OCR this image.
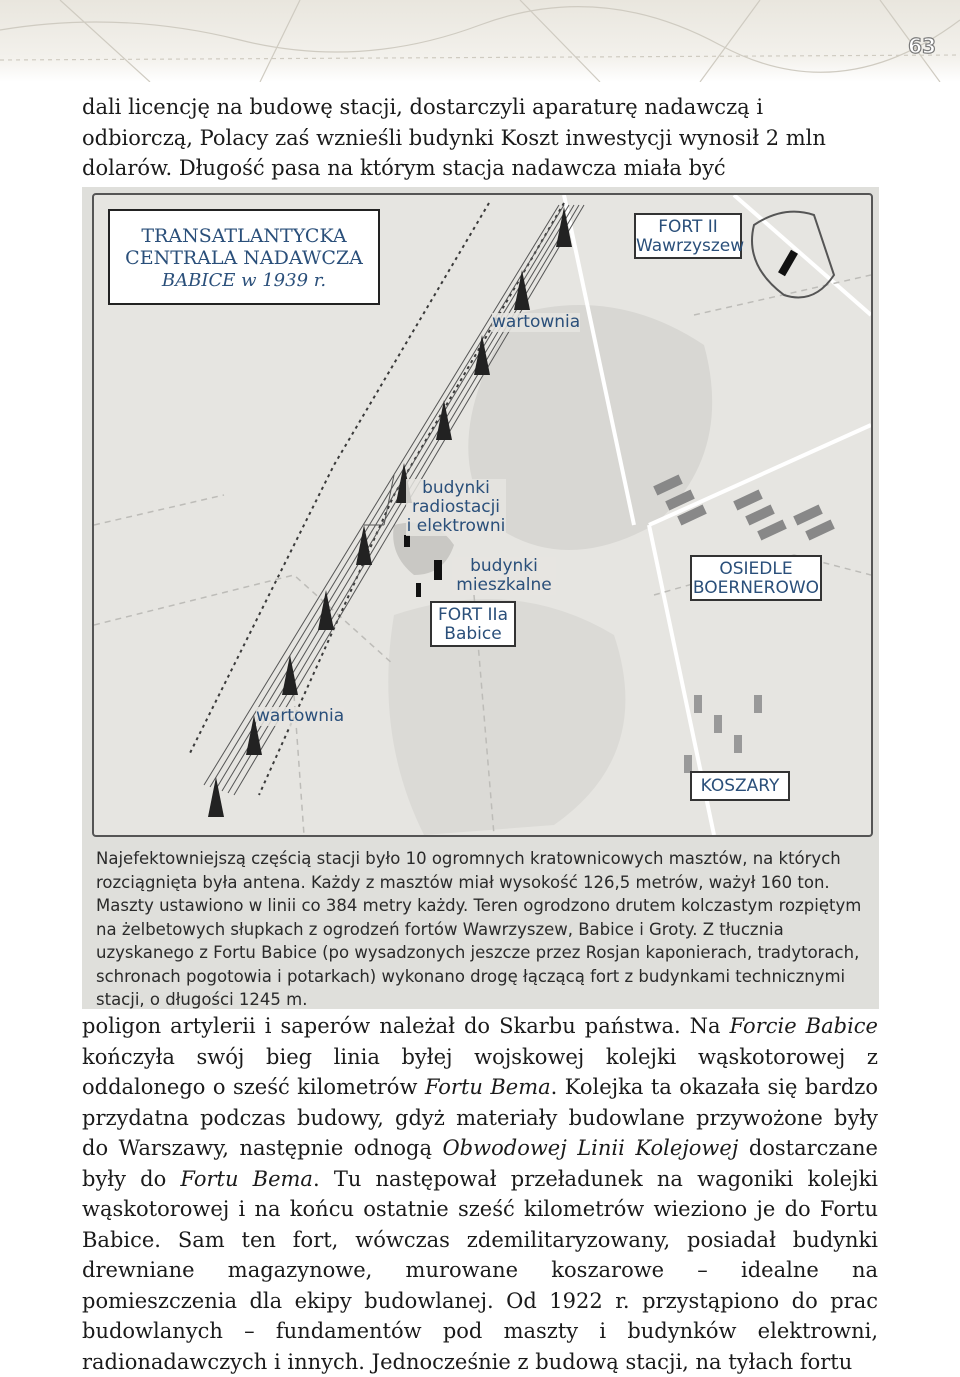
63

dali licencję na budowę stacji, dostarczyli aparaturę nadawczą i odbiorczą, Polacy zaś wznieśli budynki Koszt inwestycji wynosił 2 mln dolarów. Długość pasa na którym stacja nadawcza miała być

TRANSATLANTYCKA
CENTRALA NADAWCZA
BABICE w 1939 r.
FORT II
Wawrzyszew
wartownia
budynki
radiostacji
i elektrowni
budynki
mieszkalne
FORT IIa
Babice
OSIEDLE
BOERNEROWO
wartownia
KOSZARY

Najefektowniejszą częścią stacji było 10 ogromnych kratownicowych masztów, na których rozciągnięta była antena. Każdy z masztów miał wysokość 126,5 metrów, ważył 160 ton. Maszty ustawiono w linii co 384 metry każdy. Teren ogrodzono drutem kolczastym rozpiętym na żelbetowych słupkach z ogrodzeń fortów Wawrzyszew, Babice i Groty. Z tłucznia uzyskanego z Fortu Babice (po wysadzonych jeszcze przez Rosjan kaponierach, tradytorach, schronach pogotowia i potarkach) wykonano drogę łączącą fort z budynkami technicznymi stacji, o długości 1245 m.

poligon artylerii i saperów należał do Skarbu państwa. Na Forcie Babice kończyła swój bieg linia byłej wojskowej kolejki wąskotorowej z oddalonego o sześć kilometrów Fortu Bema. Kolejka ta okazała się bardzo przydatna podczas budowy, gdyż materiały budowlane przywożone były do Warszawy, następnie odnogą Obwodowej Linii Kolejowej dostarczane były do Fortu Bema. Tu następował przeładunek na wagoniki kolejki wąskotorowej i na końcu ostatnie sześć kilometrów wieziono je do Fortu Babice. Sam ten fort, wówczas zdemilitaryzowany, posiadał budynki drewniane magazynowe, murowane koszarowe – idealne na pomieszczenia dla ekipy budowlanej. Od 1922 r. przystąpiono do prac budowlanych – fundamentów pod maszty i budynków elektrowni, radionadawczych i innych. Jednocześnie z budową stacji, na tyłach fortu
